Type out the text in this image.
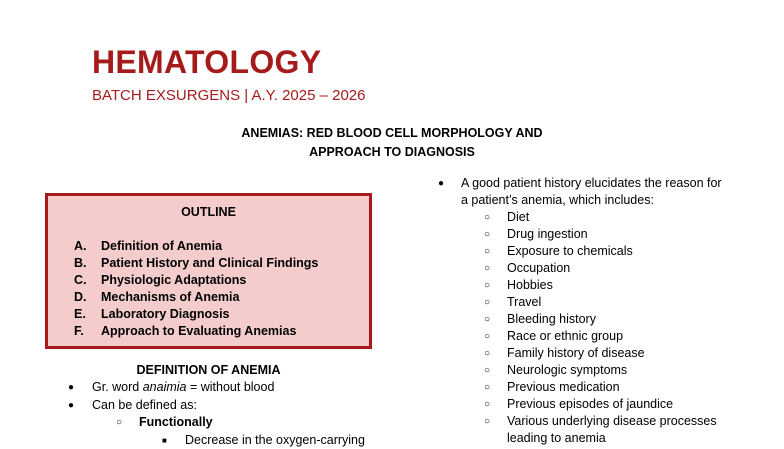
HEMATOLOGY
BATCH EXSURGENS | A.Y. 2025 – 2026
ANEMIAS: RED BLOOD CELL MORPHOLOGY AND
APPROACH TO DIAGNOSIS
OUTLINE
A.	Definition of Anemia
B.	Patient History and Clinical Findings
C.	Physiologic Adaptations
D.	Mechanisms of Anemia
E.	Laboratory Diagnosis
F.	Approach to Evaluating Anemias
DEFINITION OF ANEMIA
● Gr. word anaimia = without blood
● Can be defined as:
○ Functionally
■ Decrease in the oxygen-carrying
● A good patient history elucidates the reason for
a patient’s anemia, which includes:
○ Diet
○ Drug ingestion
○ Exposure to chemicals
○ Occupation
○ Hobbies
○ Travel
○ Bleeding history
○ Race or ethnic group
○ Family history of disease
○ Neurologic symptoms
○ Previous medication
○ Previous episodes of jaundice
○ Various underlying disease processes
leading to anemia
